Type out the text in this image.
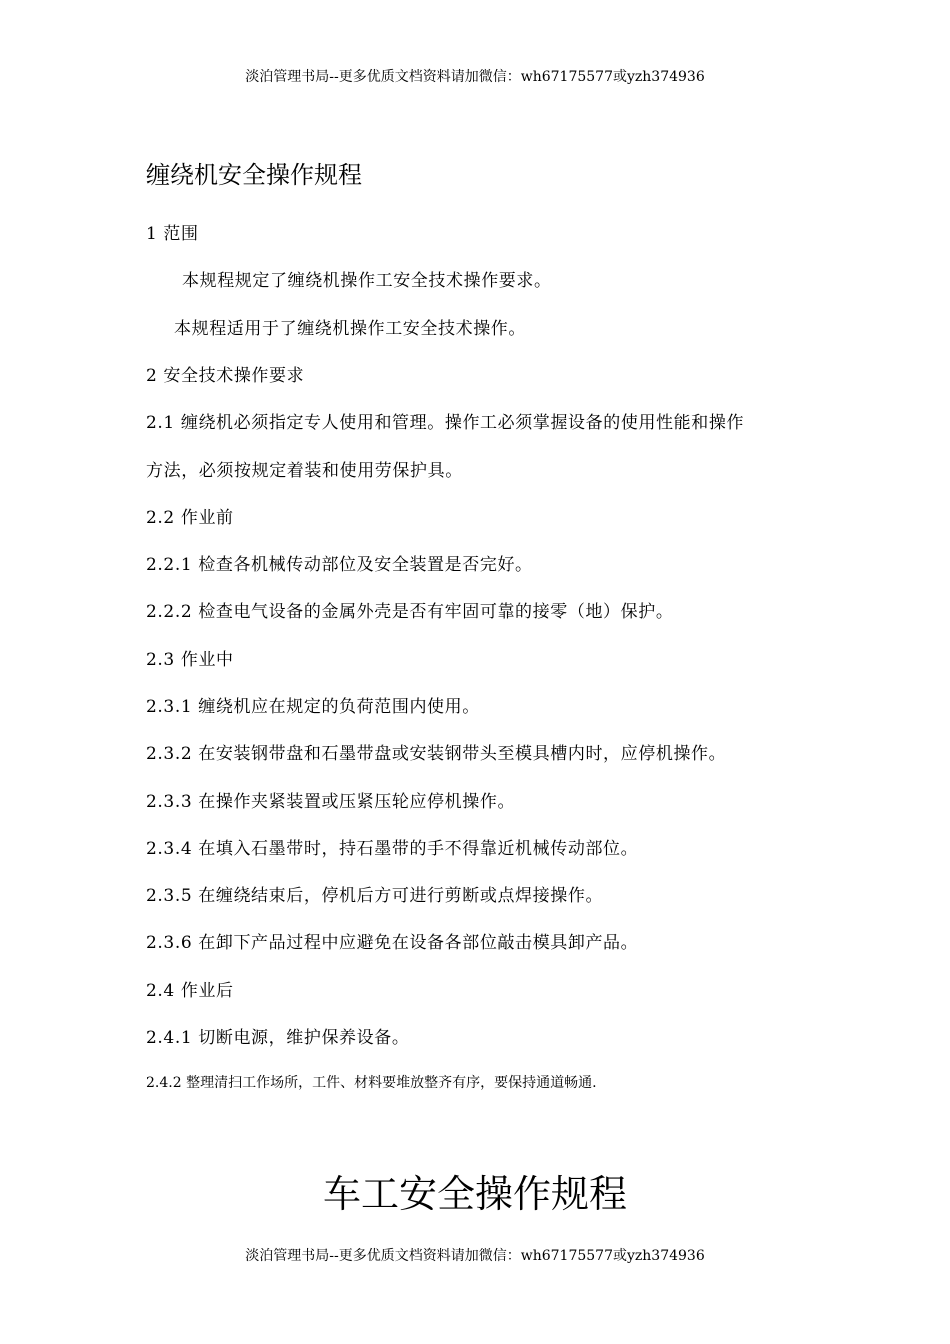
淡泊管理书局--更多优质文档资料请加微信：wh67175577或yzh374936
缠绕机安全操作规程
1 范围
本规程规定了缠绕机操作工安全技术操作要求。
本规程适用于了缠绕机操作工安全技术操作。
2 安全技术操作要求
2.1 缠绕机必须指定专人使用和管理。操作工必须掌握设备的使用性能和操作
方法，必须按规定着装和使用劳保护具。
2.2 作业前
2.2.1 检查各机械传动部位及安全装置是否完好。
2.2.2 检查电气设备的金属外壳是否有牢固可靠的接零（地）保护。
2.3 作业中
2.3.1 缠绕机应在规定的负荷范围内使用。
2.3.2 在安装钢带盘和石墨带盘或安装钢带头至模具槽内时，应停机操作。
2.3.3 在操作夹紧装置或压紧压轮应停机操作。
2.3.4 在填入石墨带时，持石墨带的手不得靠近机械传动部位。
2.3.5 在缠绕结束后，停机后方可进行剪断或点焊接操作。
2.3.6 在卸下产品过程中应避免在设备各部位敲击模具卸产品。
2.4 作业后
2.4.1 切断电源，维护保养设备。
2.4.2 整理清扫工作场所，工件、材料要堆放整齐有序，要保持通道畅通.
车工安全操作规程
淡泊管理书局--更多优质文档资料请加微信：wh67175577或yzh374936
